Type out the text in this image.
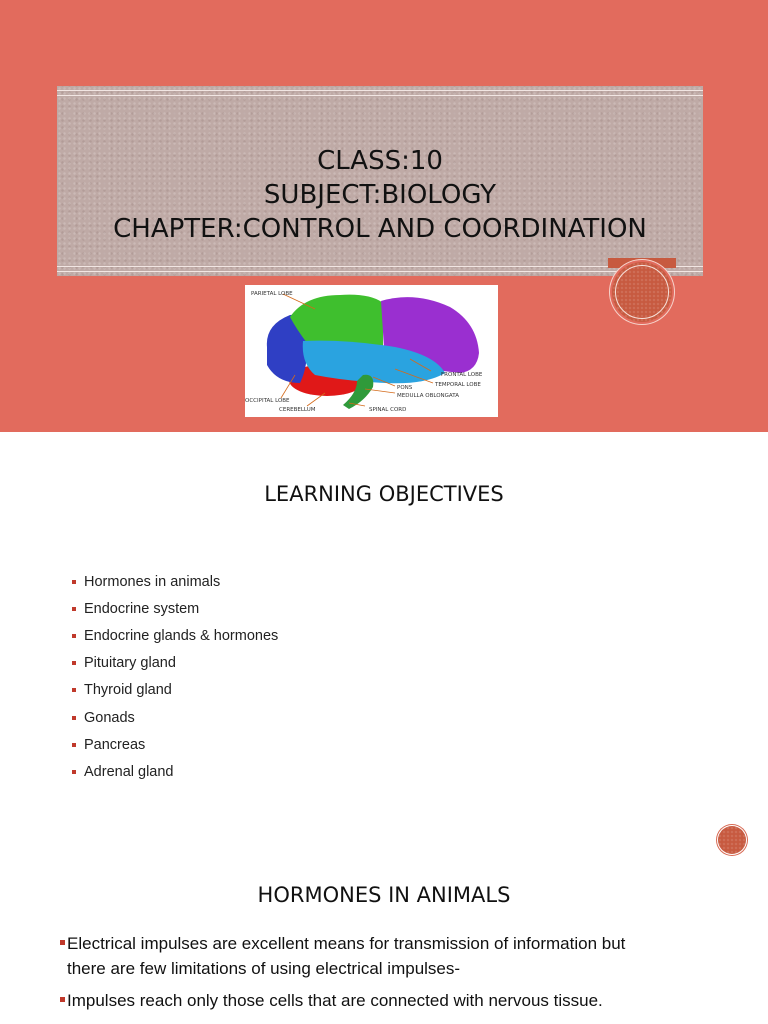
CLASS:10
SUBJECT:BIOLOGY
CHAPTER:CONTROL AND COORDINATION
PARIETAL LOBE
FRONTAL LOBE
TEMPORAL LOBE
PONS
MEDULLA OBLONGATA
OCCIPITAL LOBE
CEREBELLUM	SPINAL CORD
LEARNING OBJECTIVES
Hormones in animals
Endocrine system
Endocrine glands & hormones
Pituitary gland
Thyroid gland
Gonads
Pancreas
Adrenal gland
HORMONES IN ANIMALS
Electrical impulses are excellent means for transmission of information but
there are few limitations of using electrical impulses-
Impulses reach only those cells that are connected with nervous tissue.
